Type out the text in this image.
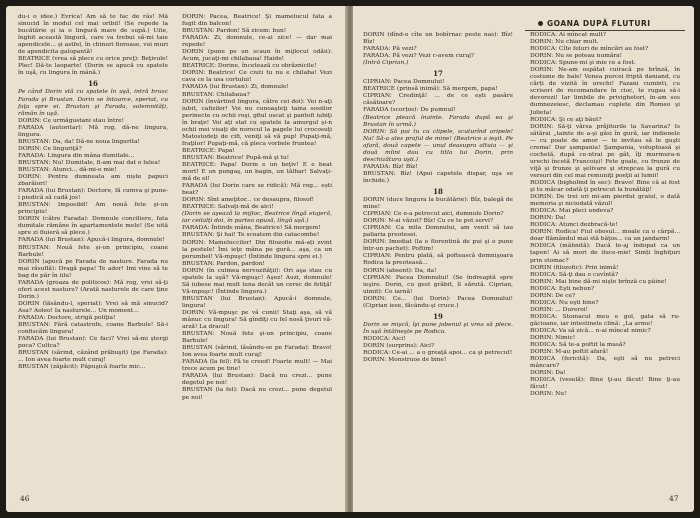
du-i o idee.) Evrica! Am să te fac de râs! Mă sinucid în modul cel mai oribil! (Se repede la bucătărie şi ia o lingură mare de supă.) Uite, înghit această lingură, care va trebui să-mi taie apendicele... şi astfel, în chinuri fioroase, voi muri de apendicita galopantă!

BEATRICE (vrea să plece cu orice preţ): Beţivule! Plec! Dă-te laoparte! (Dorin se apucă cu spatele în uşă, cu lingura în mână.)

16

Pe când Dorin stă cu spatele în uşă, intră brusc Farada şi Brustan. Dorin se întoarce, speriat, cu faţa spre ei. Brustan şi Farada, solemnităţi, rămân în uşă.

DORIN: Ce urmăgustani stau între!

FARADA (autoritar): Mă rog, dă-ne lingura, lingura.

BRUSTAN: Da, da! Dă-ne noua lingurita!

DORIN: Ce linguriţă?

FARADA: Lingura din mâna dumitale...

BRUSTAN: Nu! Dumitale, fi-am mai dat o lulea!

BRUSTAN: Atunci... dă-mi-o mie!

DORIN: Pentru dumneata am niște papuci zbarăiori!

FARADA (lui Brustan): Doctore, fă cumva şi pune-i piedică să cadă jos!

BRUSTAN: Imposibil! Am nouă fete şi-un principiu!

DORIN (către Farada): Domnule conciliere, fata dumitale rămâne în apartamentele mele! (Se uită spre zi fluieră să plece.)

FARADA (lui Brustan): Apucă-i lingura, domnule!

BRUSTAN: Nouă fete şi-un principiu, coane Barbule!

DORIN (apucă pe Farada de nasture. Farada nu mai răsuflă): Dragă papa! Te ador! Imi vine să te bag de păr în iilu!

FARADA (groaza de politicos): Mă rog, vrei să-ţi oferi acest nasture? (Arată nasturele de care ţine Dorin.)

DORIN (lăsându-l, speriat): Vrei să mă sinucid? Asa? Aoleo! Ia nasturele... Un moment...

FARADA: Doctore, strigă poliţia!

BRUSTAN: Fără catastrofe, coane Barbule! Să-i confiscăm lingura!

FARADA (lui Brustan): Ce faci? Vrei să-mi ştergi poca? Cultca?

BRUSTAN (sărind, căzând prăbuşit) (pe Farada): ... Ion avea foarte mult curaj!

BRUSTAN (zăpăcit): Păpuşică foarte mic...

DORIN: Pacea, Beatrice! Şi mamelucul fata a fugit din balcon!

BRUSTAN: Pardon! Să zicem: bun!

FARADA: Zi, domnule, ce-ai zice! — dar mai repede!

DORIN (pune pe un scaun în mijlocul odăii): Acum, jucaţi-mi chilabaua! Haide!

BEATRICE: Dorine, încetează cu obrăznicile!

DORIN: Beatrice! Ce ciuti tu nu e chilaba! Vezi cava ce la usa cortului!

FARADA (lui Brustan): Zi, domnule!

BRUSTAN: Chilabaua?

DORIN (învârtind lingura, către cei doi): Voi n-aţi iubit, cafizilor! Voi nu cunoaşteţi taina sosiilor perinecte cu ochii roşi, gfiul uscat şi pantofi iubiţi în braţe! Voi aţi stat cu spatele la amurgul şi-n ochii mei visaţi de norocul la pagele lui crocosuţi Matostodeţi de cifi, veniţi să vă pup! Pupaţi-mă, fraţilor! Pupaţi-mă, că pleca vorbele fruntea!

BEATRICE: Papa!

BRUSTAN: Beatrice! Pupă-mă şi tu!

BEATRICE: Papa! Dorin e un beţiv! E e beat mort! E un pungaş, un bagin, un tâlhar! Salvaţi-mă de el!

FARADA (lui Dorin care se ridică): Mă rog... ești beat?

DORIN: Sînt ameţitor... ce desaupra, filosof!

BEATRICE: Salvaţi-mă de aici!

(Dorin se aşează la mijloc, Beatrice lîngă etajeră, iar ceilalţi doi, în partea opusă, lîngă uşă.)

FARADA: Întinde mâna, Beatrice! Să mergem!

BRUSTAN: Şi hai! Te scoatem din catacombe!

DORIN: Mameluccilor! Din filozofie mă-ați zvint la pestele! Îmi ieţe mâna pe gură... aşa, ca un porumbel! Vă-mpuşc! (Întinde lingura spre ei.)

BRUSTAN: Pardon, pardon!

DORIN (în culmea nervozităţii): Ori aşa stau cu spatele la uşă? Vă-mpuşc! Aşez! Auzi, domnule! Să iubese mai mult luna decât un cerec de fetiţă! Vă-mpuşc! (Întinde lingura.)

BRUSTAN (lui Brustan): Apucă-i domnule, lingura!

DORIN: Vă-mpuşc pe vă cunii! Staţi aşa, să vă mânuc cu lingura! Să gîndiţi cu fel nosă ţivuri vă-arză! La dracul!

BRUSTAN: Nouă fete şi-un principiu, coane Barbule!

BRUSTAN (sărind, lăsându-se pe Farada): Bravo! Ion avea foarte mult curaj!

FARADA (la fel): Fă te creed! Foarte mult! — Mai trece acum pe tine!

FARADA (lui Brustan): Dacă nu crezi... pune degetul pe noi!

BRUSTAN (la fel): Dacă nu crezi... pune degetul pe noi!

46
GOANA DUPĂ FLUTURI

DORIN (dînd-o cîte un bobîrnac peste nas): Bîz! Bîz!

FARADA: Pă vezi?

FARADA: Pă vezi? Vezi c-avem curaj?

(Intră Ciprian.)

17

CIPRIAN: Pacea Domnului!

BEATRICE (prinsă inimă): Să mergem, papa!

CIPRIAN: Credinţă! ... de ce ești pasăre căsătoare?

FARADA (scorțos): De pumnul!

(Beatrice pleacă înainte. Farada după ea şi Brustan în urmă.)

DORIN: Să pui tu ca clipele, scuturînd aripele! Na! Să-a ales praful de mine! (Beatrice a ieşit. Pe afară, două capete — unul deasupra altuia — şi două mîini dau cu titla lui Dorin, prin deschizătura uşii.)

FARADA: Bîz! Bîz!

BRUSTAN: Bîz! (Apoi capetele dispar, uşa se închide.)

18

DORIN (duce lingura la bucătărie): Bîz, balegă de mine!

CIPRIAN: Ce e-a petrecut aici, domnule Dorin?

DORIN: N-ai văzut? Bîz! Cu ce te pot servi?

CIPRIAN: Ca mila Domnului, am venit să iau paliaria preotesei.

DORIN: Imediat (la o florentină de pui şi o pune într-un pachet): Poftim!

CIPRIAN: Pentru plată, să poftească domnişoara Rodica la preoteasă...

DORIN (absent): Da, da!

CIPRIAN: Pacea Domnului! (Se îndreaptă spre ieşire. Dorin, cu gest grăbit, îl sărută. Ciprian, uimit): Ce iarnă!

DORIN: Ce... (lui Dorin): Pacea Domnului! (Ciprian iese, făcându-şi cruce.)

19

Dorin se mişcă, îşi pune jobenul şi vrea să plece. În uşă întâlneşte pe Rodica.

RODICA: Aici!

DORIN (surprins): Aici?

RODICA: Ce-ai ... a o greaţă apoi... ca şi petrecut!

DORIN: Monstruos de bine!

RODICA: Ai mîncat mult?

DORIN: Nu chiar mult.

RODICA: Cîte feluri de mîncări au fost?

DORIN: Nu se poteau număra!

RODICA: Spune-mi şi mie ce a fost.

DORIN: Ne-am ospătat cuiracă pe brînză, în costume de bale! Venea purcei friptă daniand, cu cărți de vizită în urechi! Fazani cuminti, cu scrisori de recomandare în cioc, te rugau să-i devorezi! Iar limbile de privighetori, în-am sos dumnezeiesc, declamau cuplete din Romeo şi Julieta!

RODICA: Şi ce aţi băut?

DORIN: Să-ţi vărsa prăjiturile la Savarina? Is sătărai „tainte de a-şi găsi în gură, iar indienele — cu poate de amor — te invitau să le guşti crema! Dar şampania! Şampania, voluptoasă şi cochetă, după ce-ntrai pe gât, îţi murmura-n urechi încetă Francoiși! Fete goale, cu frunze de viţă şi frunze şi şelivare şi strepcau la gură cu versuri din cel mai remuniţi poeţii ai lumii!

RODICA (bigholind în sec): Bravo! Bine că ai fost şi tu măcar odată ţi petrecut la bunătăţi!

DORIN: De trei ori mi-am pierdut graiul, o dată memoria şi niciodată văzul!

RODICA: Mai pleci undeva?

DORIN: Da!

RODICA: Atunci dezbracă-te!

DORIN: Rodica! Fiul obosul... moale ca o cârpă... doar flămândul mai stă băţos... ca un jandarm!

RODICA (mâhnită): Dacă te-aj îndopat ca un țapon! Ai să mori de iluce-mie! Simți înghiţuri prin stomac?

DORIN (filozofic): Prin inimă!

RODICA: Să-ţi dau o cuvîntă?

DORIN: Mai bine dă-mi nişte brînză cu pâine!

RODICA: Eşti nebun?

DORIN: De ce?

RODICA: Nu eşti bine?

DORIN: ... Dureroi!

RODICA: Stomacul meu e gol, gata să ru- găcioane, iar intestinele clină: „La arme!

RODICA: Va să zică... n-ai mîncat nimic?

DORIN: Nimic!

RODICA: Să te-a poftit la masă?

DORIN: M-au poftit afară!

RODICA (fericită): Da, eşti să nu petreci mâncare?

DORIN: Da!

RODICA (veselă): Bine ţi-au făcut! Bine ţi-au făcut!

DORIN: Nu!

47
